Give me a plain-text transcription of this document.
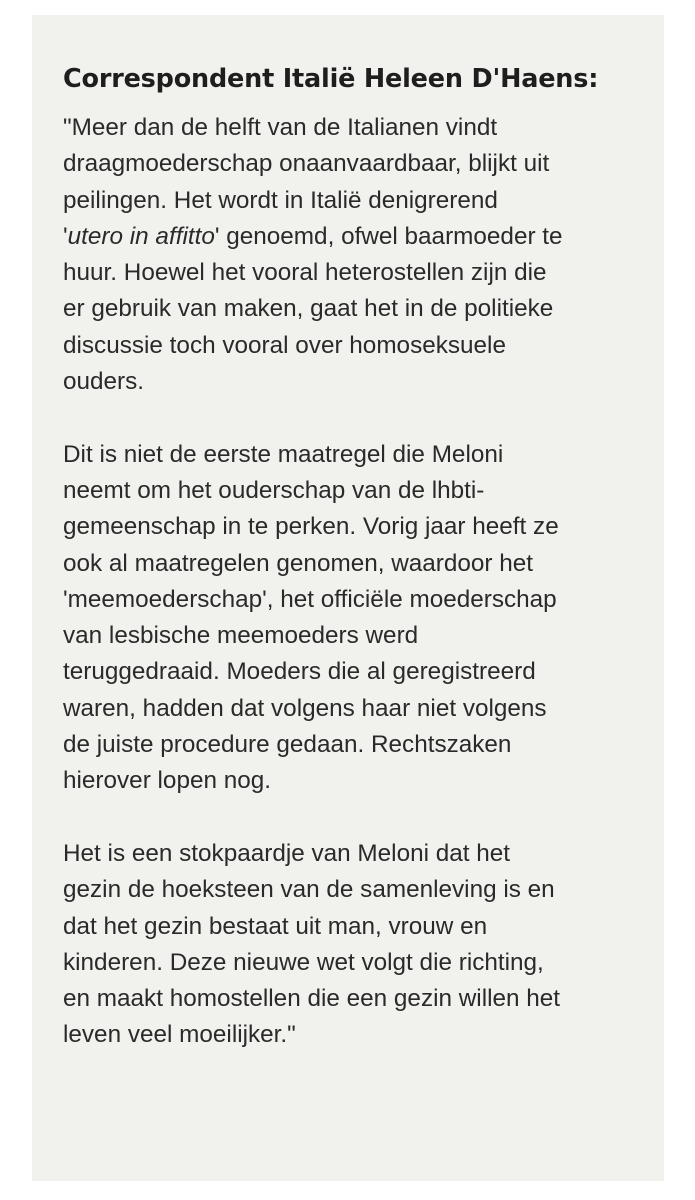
Correspondent Italië Heleen D'Haens:

"Meer dan de helft van de Italianen vindt
draagmoederschap onaanvaardbaar, blijkt uit
peilingen. Het wordt in Italië denigrerend
'utero in affitto' genoemd, ofwel baarmoeder te
huur. Hoewel het vooral heterostellen zijn die
er gebruik van maken, gaat het in de politieke
discussie toch vooral over homoseksuele
ouders.

Dit is niet de eerste maatregel die Meloni
neemt om het ouderschap van de lhbti-
gemeenschap in te perken. Vorig jaar heeft ze
ook al maatregelen genomen, waardoor het
'meemoederschap', het officiële moederschap
van lesbische meemoeders werd
teruggedraaid. Moeders die al geregistreerd
waren, hadden dat volgens haar niet volgens
de juiste procedure gedaan. Rechtszaken
hierover lopen nog.

Het is een stokpaardje van Meloni dat het
gezin de hoeksteen van de samenleving is en
dat het gezin bestaat uit man, vrouw en
kinderen. Deze nieuwe wet volgt die richting,
en maakt homostellen die een gezin willen het
leven veel moeilijker."
